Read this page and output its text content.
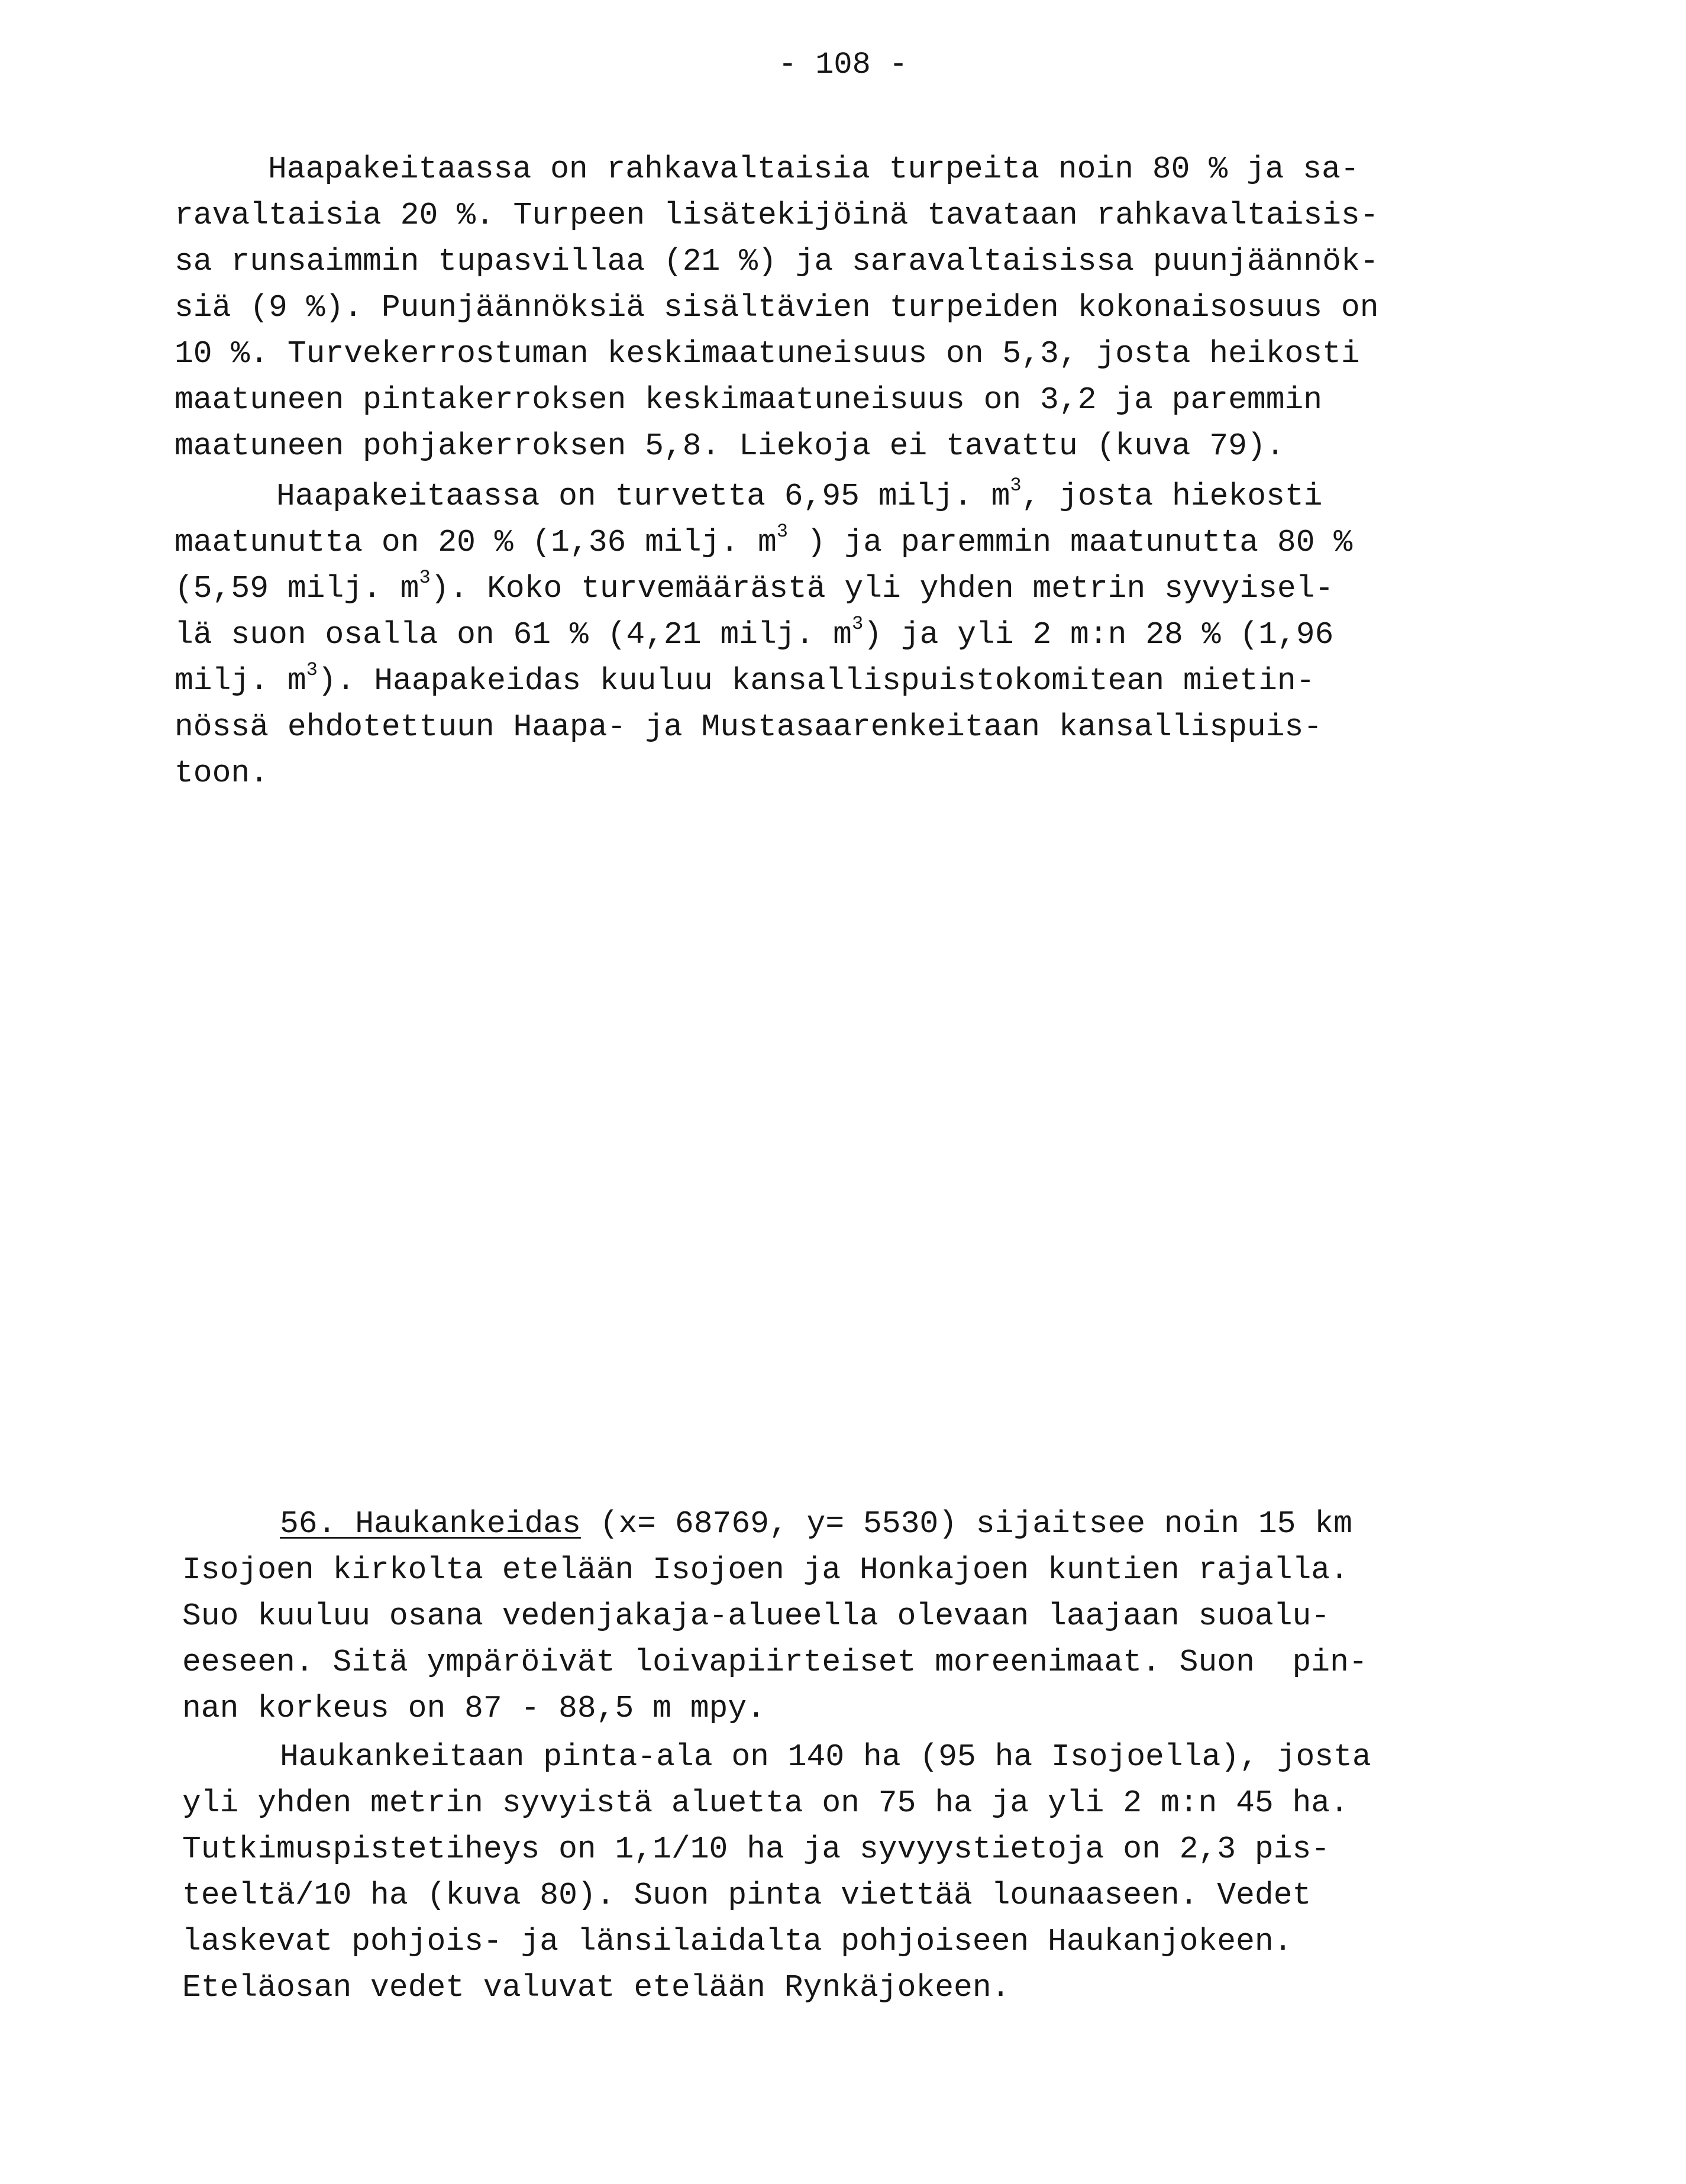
- 108 -
Haapakeitaassa on rahkavaltaisia turpeita noin 80 % ja sa-
ravaltaisia 20 %. Turpeen lisätekijöinä tavataan rahkavaltaisis-
sa runsaimmin tupasvillaa (21 %) ja saravaltaisissa puunjäännök-
siä (9 %). Puunjäännöksiä sisältävien turpeiden kokonaisosuus on
10 %. Turvekerrostuman keskimaatuneisuus on 5,3, josta heikosti
maatuneen pintakerroksen keskimaatuneisuus on 3,2 ja paremmin
maatuneen pohjakerroksen 5,8. Liekoja ei tavattu (kuva 79).
Haapakeitaassa on turvetta 6,95 milj. $m^3$, josta hiekosti
maatunutta on 20 % (1,36 milj. $m^3$ ) ja paremmin maatunutta 80 %
(5,59 milj. $m^3$). Koko turvemäärästä yli yhden metrin syvyisel-
lä suon osalla on 61 % (4,21 milj. $m^3$) ja yli 2 m:n 28 % (1,96
milj. $m^3$). Haapakeidas kuuluu kansallispuistokomitean mietin-
nössä ehdotettuun Haapa- ja Mustasaarenkeitaan kansallispuis-
toon.
56. Haukankeidas (x= 68769, y= 5530) sijaitsee noin 15 km
Isojoen kirkolta etelään Isojoen ja Honkajoen kuntien rajalla.
Suo kuuluu osana vedenjakaja-alueella olevaan laajaan suoalu-
eeseen. Sitä ympäröivät loivapiirteiset moreenimaat. Suon  pin-
nan korkeus on 87 - 88,5 m mpy.
Haukankeitaan pinta-ala on 140 ha (95 ha Isojoella), josta
yli yhden metrin syvyistä aluetta on 75 ha ja yli 2 m:n 45 ha.
Tutkimuspistetiheys on 1,1/10 ha ja syvyystietoja on 2,3 pis-
teeltä/10 ha (kuva 80). Suon pinta viettää lounaaseen. Vedet
laskevat pohjois- ja länsilaidalta pohjoiseen Haukanjokeen.
Eteläosan vedet valuvat etelään Rynkäjokeen.
